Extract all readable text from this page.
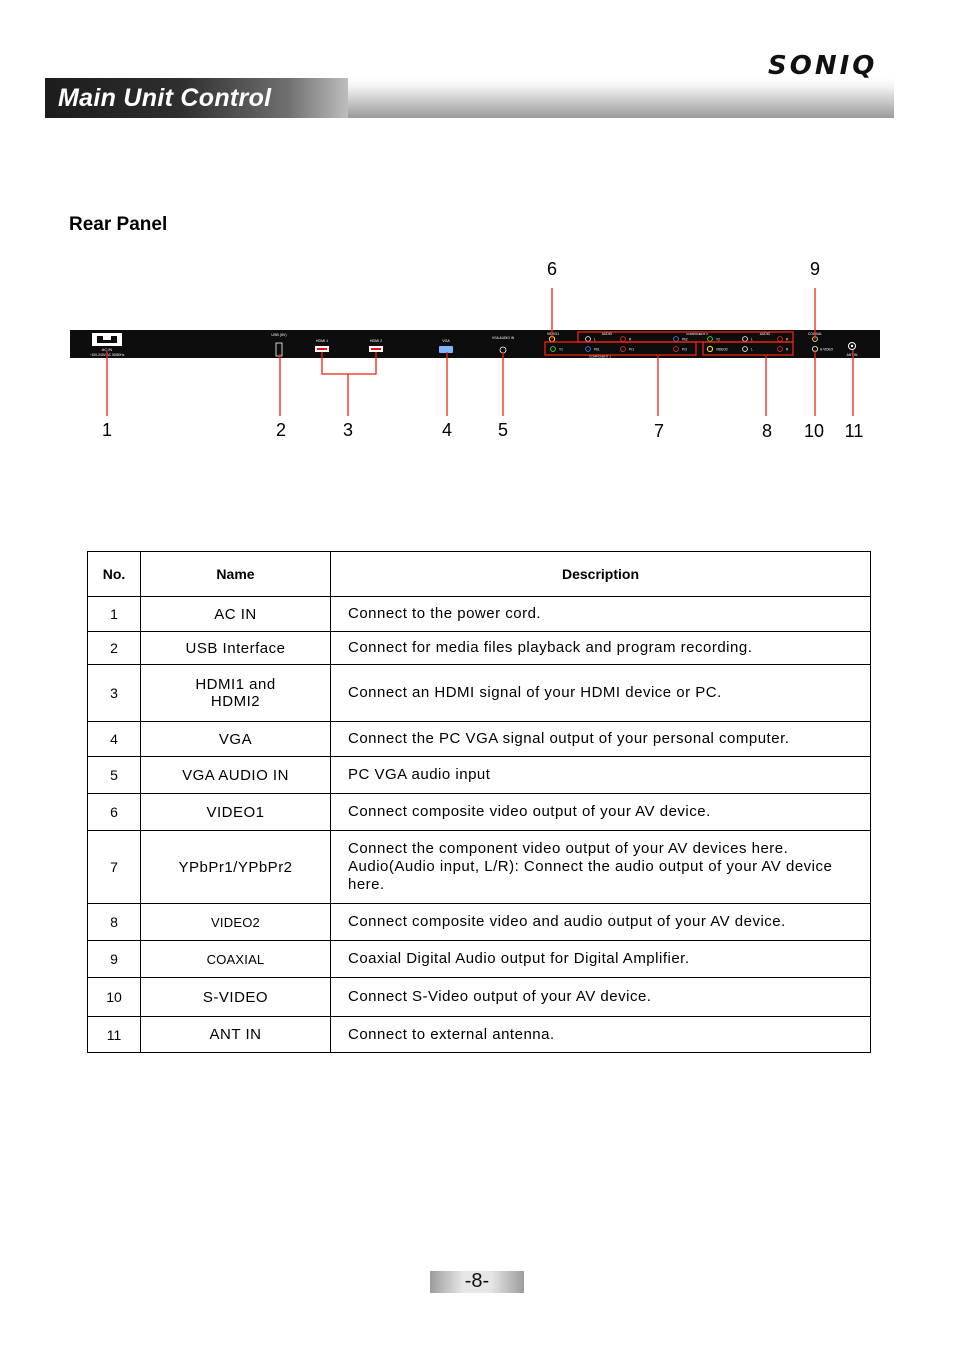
Main Unit Control
SONIQ
Rear Panel
AC IN
~100-240V AC 50/60Hz
USB (5V)
HDMI 1	HDMI 2	VGA
VGA AUDIO IN
VIDEO1	AUDIO
L	R
Y1	Pb1	Pr1
COMPONENT 1
COMPONENT 2
Pb2
Pr2
Y2
VIDEO2
AUDIO
L	R
L	R
COAXIAL
S-VIDEO
ANT IN
6	9
1	2	3	4	5	7	8 10 11
No.	Name	Description
1	AC IN	Connect to the power cord.
2	USB Interface	Connect for media files playback and program recording.
3	HDMI1 and
HDMI2	Connect an HDMI signal of your HDMI device or PC.
4	VGA	Connect the PC VGA signal output of your personal computer.
5	VGA AUDIO IN	PC VGA audio input
6	VIDEO1	Connect composite video output of your AV device.
7	YPbPr1/YPbPr2	Connect the component video output of your AV devices here.
Audio(Audio input, L/R): Connect the audio output of your AV device here.
8	VIDEO2	Connect composite video and audio output of your AV device.
9	COAXIAL	Coaxial Digital Audio output for Digital Amplifier.
10	S-VIDEO	Connect S-Video output of your AV device.
11	ANT IN	Connect to external antenna.
-8-
